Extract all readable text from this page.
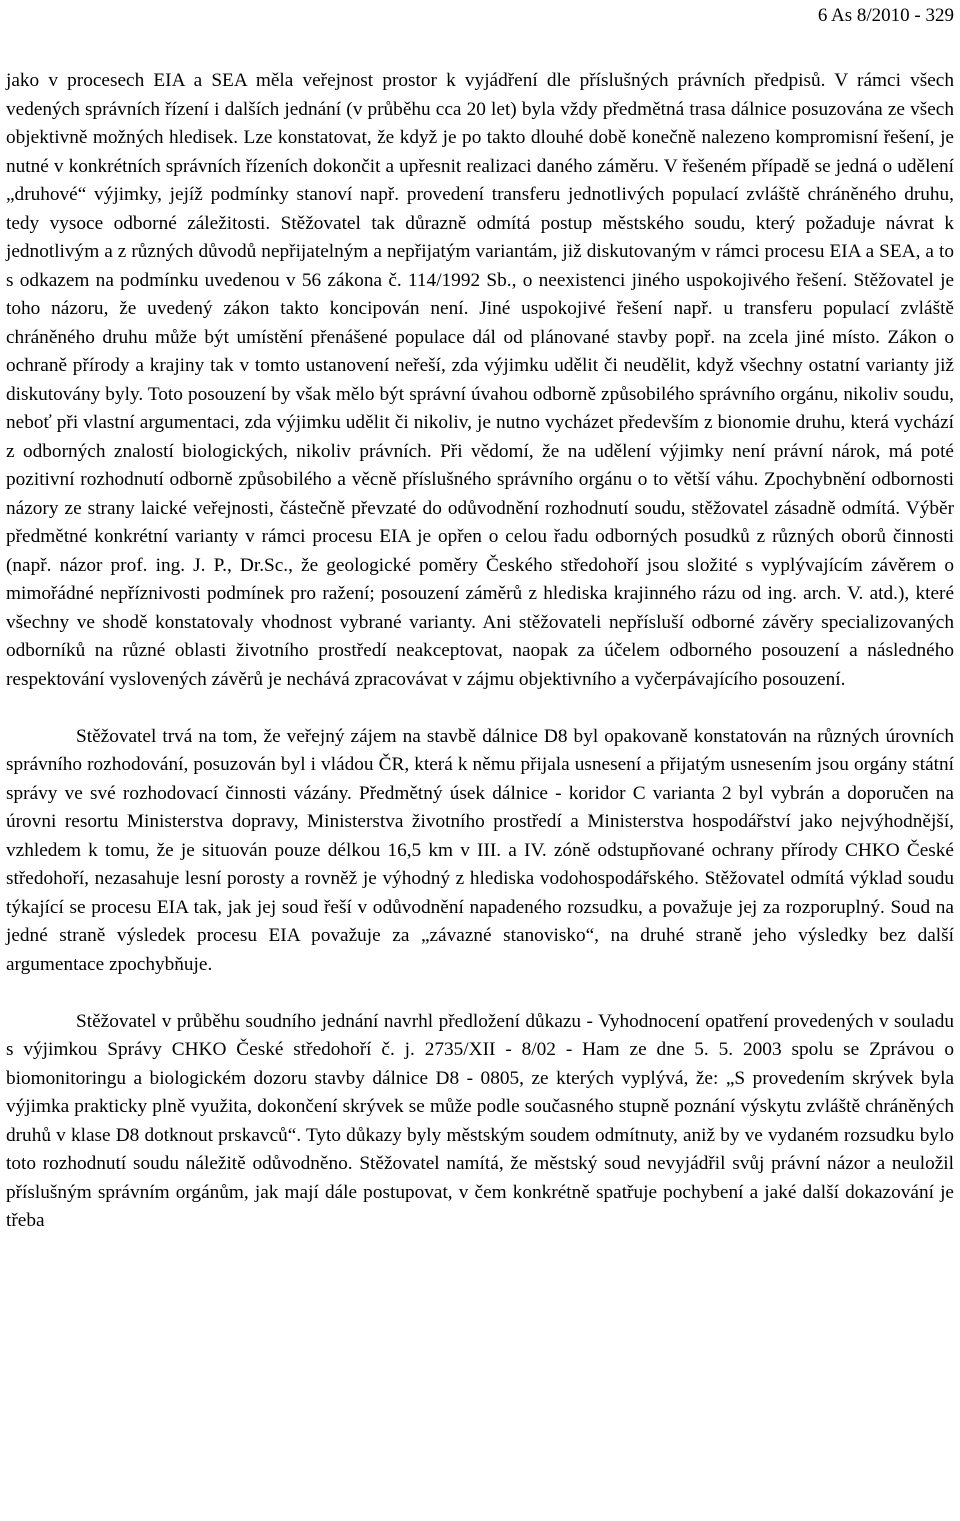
6 As 8/2010 - 329

jako v procesech EIA a SEA měla veřejnost prostor k vyjádření dle příslušných právních předpisů. V rámci všech vedených správních řízení i dalších jednání (v průběhu cca 20 let) byla vždy předmětná trasa dálnice posuzována ze všech objektivně možných hledisek. Lze konstatovat, že když je po takto dlouhé době konečně nalezeno kompromisní řešení, je nutné v konkrétních správních řízeních dokončit a upřesnit realizaci daného záměru. V řešeném případě se jedná o udělení „druhové“ výjimky, jejíž podmínky stanoví např. provedení transferu jednotlivých populací zvláště chráněného druhu, tedy vysoce odborné záležitosti. Stěžovatel tak důrazně odmítá postup městského soudu, který požaduje návrat k jednotlivým a z různých důvodů nepřijatelným a nepřijatým variantám, již diskutovaným v rámci procesu EIA a SEA, a to s odkazem na podmínku uvedenou v 56 zákona č. 114/1992 Sb., o neexistenci jiného uspokojivého řešení. Stěžovatel je toho názoru, že uvedený zákon takto koncipován není. Jiné uspokojivé řešení např. u transferu populací zvláště chráněného druhu může být umístění přenášené populace dál od plánované stavby popř. na zcela jiné místo. Zákon o ochraně přírody a krajiny tak v tomto ustanovení neřeší, zda výjimku udělit či neudělit, když všechny ostatní varianty již diskutovány byly. Toto posouzení by však mělo být správní úvahou odborně způsobilého správního orgánu, nikoliv soudu, neboť při vlastní argumentaci, zda výjimku udělit či nikoliv, je nutno vycházet především z bionomie druhu, která vychází z odborných znalostí biologických, nikoliv právních. Při vědomí, že na udělení výjimky není právní nárok, má poté pozitivní rozhodnutí odborně způsobilého a věcně příslušného správního orgánu o to větší váhu. Zpochybnění odbornosti názory ze strany laické veřejnosti, částečně převzaté do odůvodnění rozhodnutí soudu, stěžovatel zásadně odmítá. Výběr předmětné konkrétní varianty v rámci procesu EIA je opřen o celou řadu odborných posudků z různých oborů činnosti (např. názor prof. ing. J. P., Dr.Sc., že geologické poměry Českého středohoří jsou složité s vyplývajícím závěrem o mimořádné nepříznivosti podmínek pro ražení; posouzení záměrů z hlediska krajinného rázu od ing. arch. V. atd.), které všechny ve shodě konstatovaly vhodnost vybrané varianty. Ani stěžovateli nepřísluší odborné závěry specializovaných odborníků na různé oblasti životního prostředí neakceptovat, naopak za účelem odborného posouzení a následného respektování vyslovených závěrů je nechává zpracovávat v zájmu objektivního a vyčerpávajícího posouzení.

Stěžovatel trvá na tom, že veřejný zájem na stavbě dálnice D8 byl opakovaně konstatován na různých úrovních správního rozhodování, posuzován byl i vládou ČR, která k němu přijala usnesení a přijatým usnesením jsou orgány státní správy ve své rozhodovací činnosti vázány. Předmětný úsek dálnice - koridor C varianta 2 byl vybrán a doporučen na úrovni resortu Ministerstva dopravy, Ministerstva životního prostředí a Ministerstva hospodářství jako nejvýhodnější, vzhledem k tomu, že je situován pouze délkou 16,5 km v III. a IV. zóně odstupňované ochrany přírody CHKO České středohoří, nezasahuje lesní porosty a rovněž je výhodný z hlediska vodohospodářského. Stěžovatel odmítá výklad soudu týkající se procesu EIA tak, jak jej soud řeší v odůvodnění napadeného rozsudku, a považuje jej za rozporuplný. Soud na jedné straně výsledek procesu EIA považuje za „závazné stanovisko“, na druhé straně jeho výsledky bez další argumentace zpochybňuje.

Stěžovatel v průběhu soudního jednání navrhl předložení důkazu - Vyhodnocení opatření provedených v souladu s výjimkou Správy CHKO České středohoří č. j. 2735/XII - 8/02 - Ham ze dne 5. 5. 2003 spolu se Zprávou o biomonitoringu a biologickém dozoru stavby dálnice D8 - 0805, ze kterých vyplývá, že: „S provedením skrývek byla výjimka prakticky plně využita, dokončení skrývek se může podle současného stupně poznání výskytu zvláště chráněných druhů v klase D8 dotknout prskavců“. Tyto důkazy byly městským soudem odmítnuty, aniž by ve vydaném rozsudku bylo toto rozhodnutí soudu náležitě odůvodněno. Stěžovatel namítá, že městský soud nevyjádřil svůj právní názor a neuložil příslušným správním orgánům, jak mají dále postupovat, v čem konkrétně spatřuje pochybení a jaké další dokazování je třeba
